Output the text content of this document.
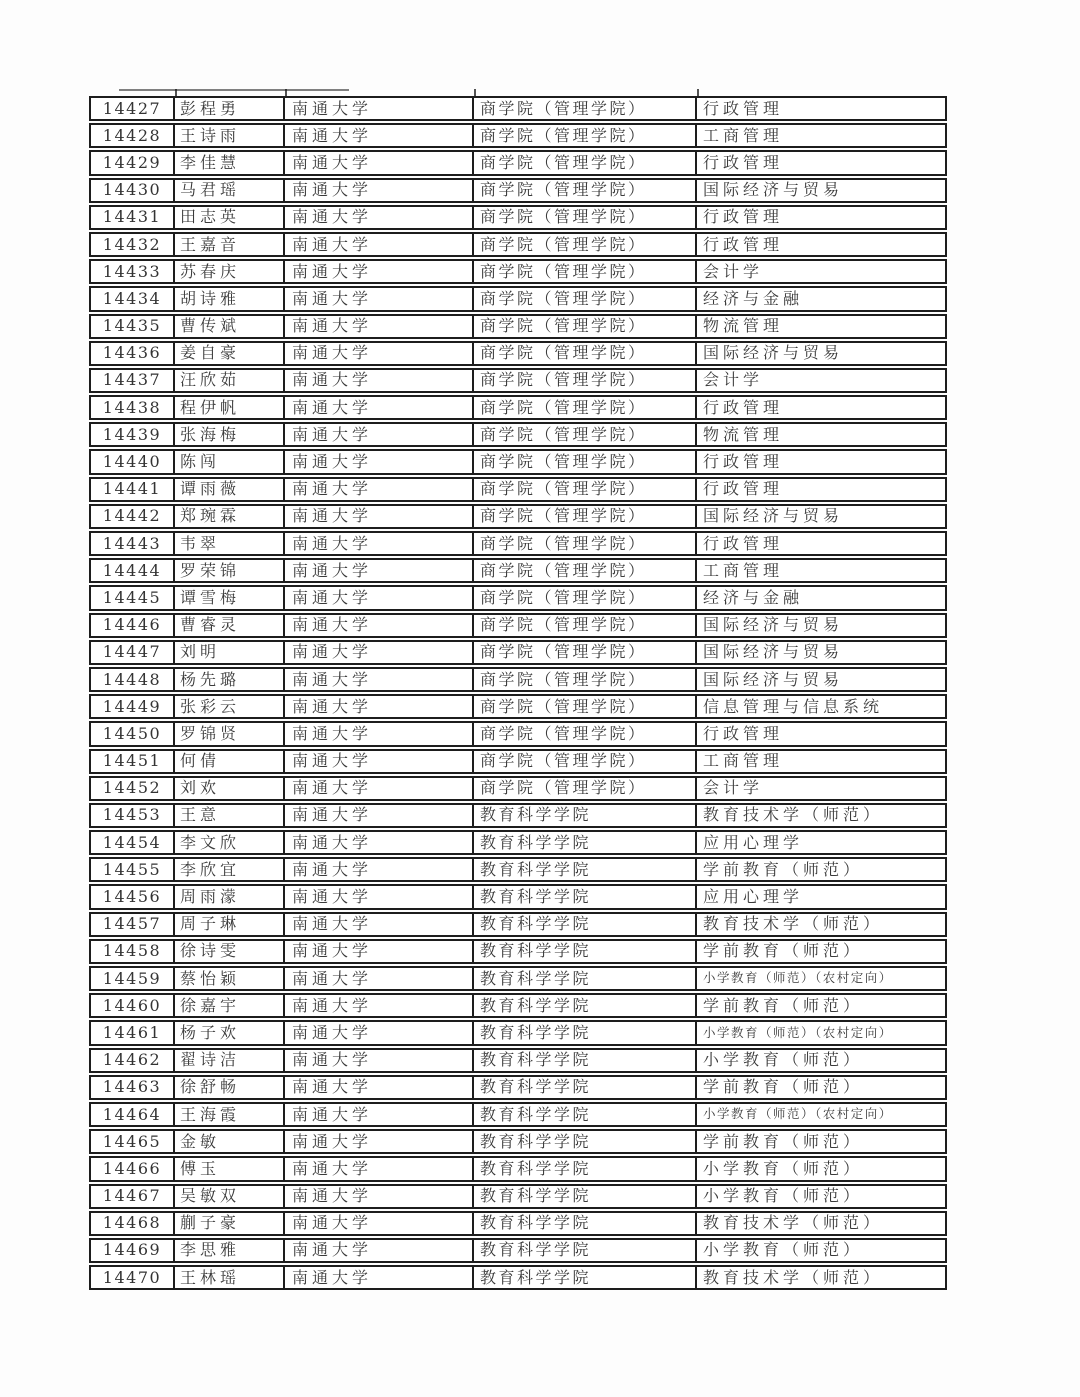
14427	彭程勇	南通大学	商学院（管理学院）	行政管理
14428	王诗雨	南通大学	商学院（管理学院）	工商管理
14429	李佳慧	南通大学	商学院（管理学院）	行政管理
14430	马君瑶	南通大学	商学院（管理学院）	国际经济与贸易
14431	田志英	南通大学	商学院（管理学院）	行政管理
14432	王嘉音	南通大学	商学院（管理学院）	行政管理
14433	苏春庆	南通大学	商学院（管理学院）	会计学
14434	胡诗雅	南通大学	商学院（管理学院）	经济与金融
14435	曹传斌	南通大学	商学院（管理学院）	物流管理
14436	姜自豪	南通大学	商学院（管理学院）	国际经济与贸易
14437	汪欣茹	南通大学	商学院（管理学院）	会计学
14438	程伊帆	南通大学	商学院（管理学院）	行政管理
14439	张海梅	南通大学	商学院（管理学院）	物流管理
14440	陈闯	南通大学	商学院（管理学院）	行政管理
14441	谭雨薇	南通大学	商学院（管理学院）	行政管理
14442	郑琬霖	南通大学	商学院（管理学院）	国际经济与贸易
14443	韦翠	南通大学	商学院（管理学院）	行政管理
14444	罗荣锦	南通大学	商学院（管理学院）	工商管理
14445	谭雪梅	南通大学	商学院（管理学院）	经济与金融
14446	曹睿灵	南通大学	商学院（管理学院）	国际经济与贸易
14447	刘明	南通大学	商学院（管理学院）	国际经济与贸易
14448	杨先璐	南通大学	商学院（管理学院）	国际经济与贸易
14449	张彩云	南通大学	商学院（管理学院）	信息管理与信息系统
14450	罗锦贤	南通大学	商学院（管理学院）	行政管理
14451	何倩	南通大学	商学院（管理学院）	工商管理
14452	刘欢	南通大学	商学院（管理学院）	会计学
14453	王意	南通大学	教育科学学院	教育技术学（师范）
14454	李文欣	南通大学	教育科学学院	应用心理学
14455	李欣宜	南通大学	教育科学学院	学前教育（师范）
14456	周雨濛	南通大学	教育科学学院	应用心理学
14457	周子琳	南通大学	教育科学学院	教育技术学（师范）
14458	徐诗雯	南通大学	教育科学学院	学前教育（师范）
14459	蔡怡颖	南通大学	教育科学学院	小学教育（师范）（农村定向）
14460	徐嘉宇	南通大学	教育科学学院	学前教育（师范）
14461	杨子欢	南通大学	教育科学学院	小学教育（师范）（农村定向）
14462	翟诗洁	南通大学	教育科学学院	小学教育（师范）
14463	徐舒畅	南通大学	教育科学学院	学前教育（师范）
14464	王海霞	南通大学	教育科学学院	小学教育（师范）（农村定向）
14465	金敏	南通大学	教育科学学院	学前教育（师范）
14466	傅玉	南通大学	教育科学学院	小学教育（师范）
14467	吴敏双	南通大学	教育科学学院	小学教育（师范）
14468	蒯子豪	南通大学	教育科学学院	教育技术学（师范）
14469	李思雅	南通大学	教育科学学院	小学教育（师范）
14470	王林瑶	南通大学	教育科学学院	教育技术学（师范）
